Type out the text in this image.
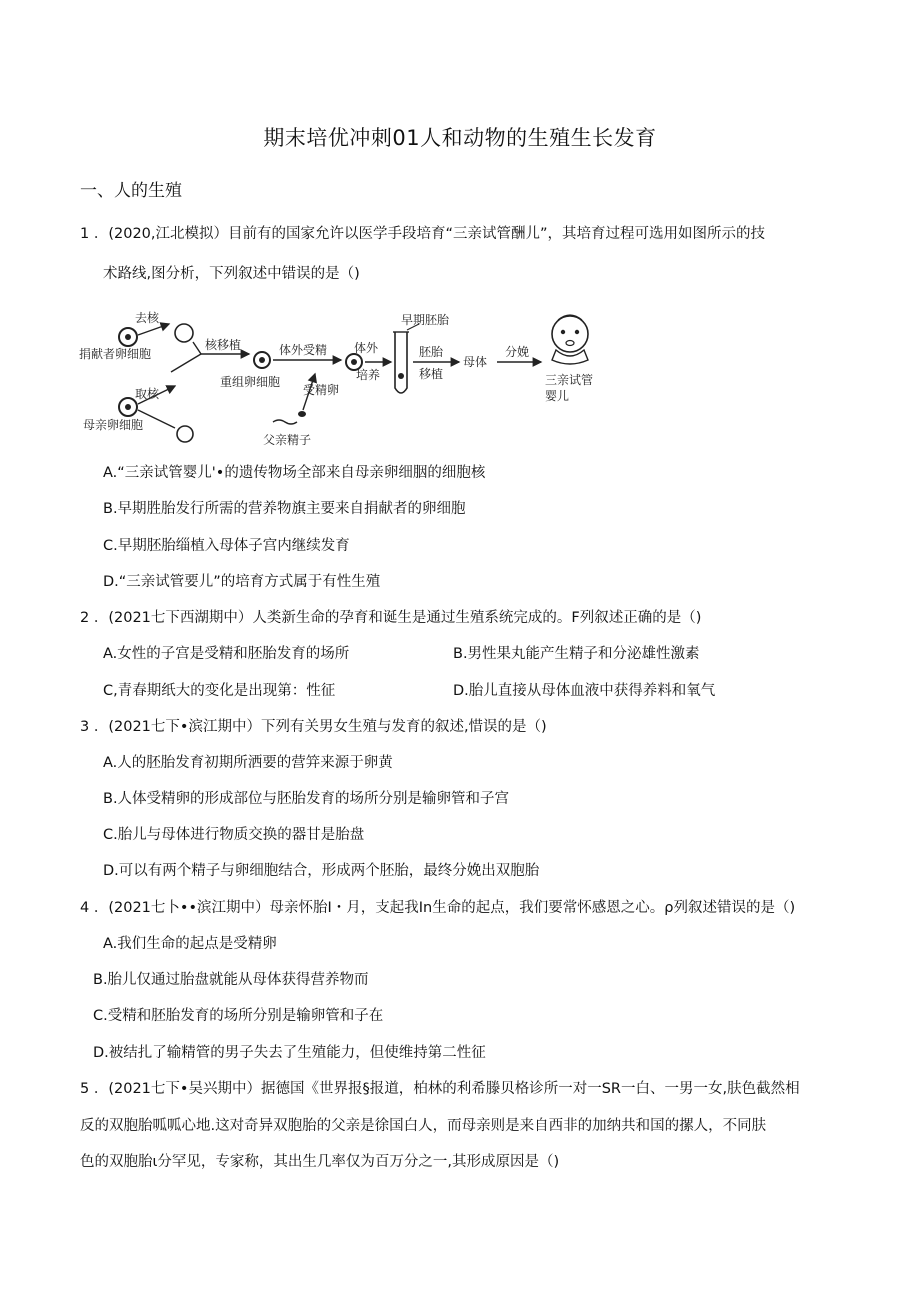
期末培优冲刺01人和动物的生殖生长发育
一、人的生殖
1 ．(2020,江北模拟）目前有的国家允许以医学手段培育“三亲试管酬儿”，其培育过程可选用如图所示的技
术路线,图分析，下列叙述中错误的是（)
去核
捐献者卵细胞
取核
母亲卵细胞
核移植
重组卵细胞
体外受精
父亲精子
受精卵
体外
培养
早期胚胎
胚胎
移植
母体
分娩
三亲试管
婴儿
A.“三亲试管婴儿'•的遗传物场全部来自母亲卵细胭的细胞核
B.早期胜胎发行所需的营养物旗主要来自捐献者的卵细胞
C.早期胚胎缁植入母体子宫内继续发育
D.“三亲试管要儿”的培育方式属于有性生殖
2 ．(2021七下西湖期中）人类新生命的孕育和诞生是通过生殖系统完成的。F列叙述正确的是（)
A.女性的子宫是受精和胚胎发育的场所	B.男性果丸能产生精子和分泌雄性激素
C,青春期纸大的变化是出现第：性征	D.胎儿直接从母体血液中获得养料和氧气
3 ．(2021七下•滨江期中）下列有关男女生殖与发育的叙述,惜误的是（)
A.人的胚胎发育初期所洒要的营笄来源于卵黄
B.人体受精卵的形成部位与胚胎发育的场所分别是输卵管和子宫
C.胎儿与母体进行物质交换的器甘是胎盘
D.可以有两个精子与卵细胞结合，形成两个胚胎，最终分娩出双胞胎
4 ．(2021七卜••滨江期中）母亲怀胎I・月，支起我In生命的起点，我们要常怀感恩之心。ρ列叙述错误的是（)
A.我们生命的起点是受精卵
B.胎儿仅通过胎盘就能从母体获得营养物而
C.受精和胚胎发育的场所分别是输卵管和子在
D.被结扎了输精管的男子失去了生殖能力，但使维持第二性征
5 ．(2021七下•吴兴期中）据德国《世界报§报道，柏林的利希滕贝格诊所一对一SR一白、一男一女,肤色截然相
反的双胞胎呱呱心地.这对奇异双胞胎的父亲是徐国白人，而母亲则是来自西非的加纳共和国的摞人，不同肤
色的双胞胎ι分罕见，专家称，其出生几率仅为百万分之一,其形成原因是（)
